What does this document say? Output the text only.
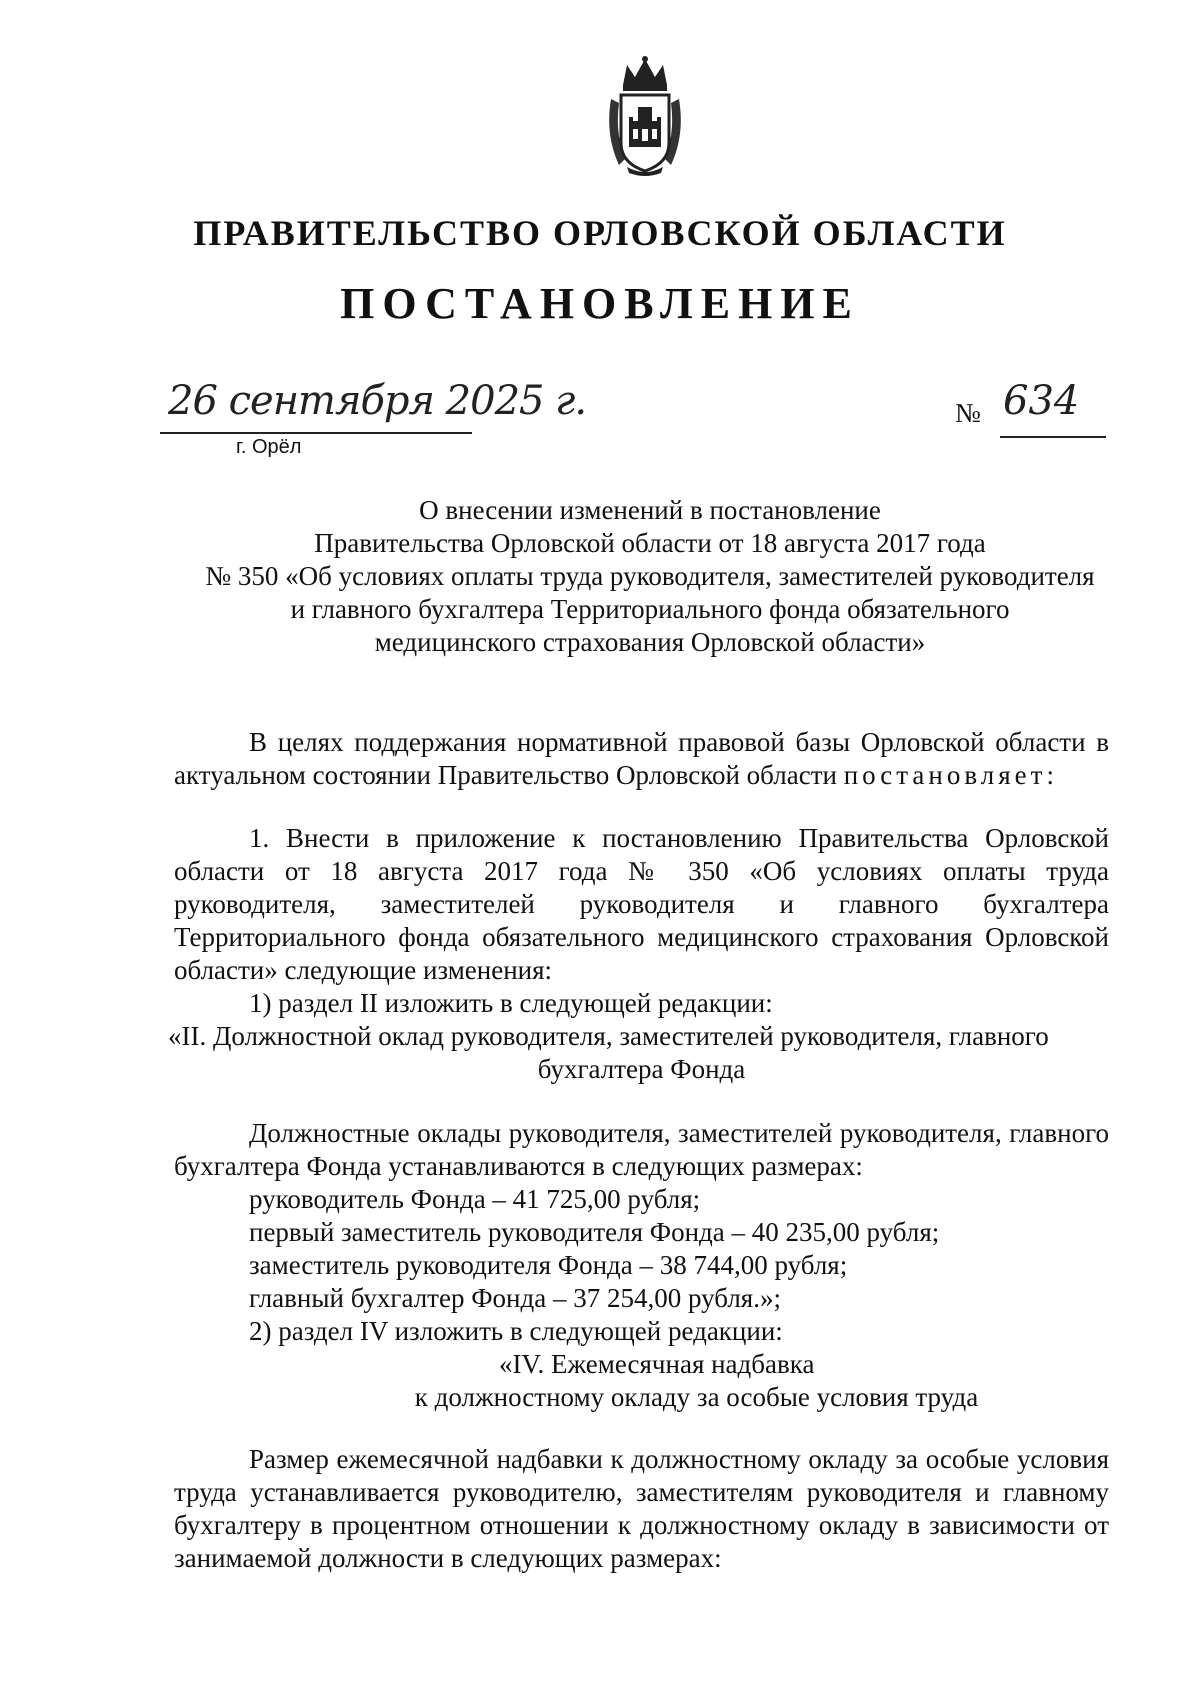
ПРАВИТЕЛЬСТВО ОРЛОВСКОЙ ОБЛАСТИ
ПОСТАНОВЛЕНИЕ
26 сентября 2025 г.
г. Орёл
№ 634
О внесении изменений в постановление
Правительства Орловской области от 18 августа 2017 года
№ 350 «Об условиях оплаты труда руководителя, заместителей руководителя
и главного бухгалтера Территориального фонда обязательного
медицинского страхования Орловской области»
В целях поддержания нормативной правовой базы Орловской области в актуальном состоянии Правительство Орловской области постановляет:
1. Внести в приложение к постановлению Правительства Орловской области от 18 августа 2017 года № 350 «Об условиях оплаты труда руководителя, заместителей руководителя и главного бухгалтера Территориального фонда обязательного медицинского страхования Орловской области» следующие изменения:
1) раздел II изложить в следующей редакции:
«II. Должностной оклад руководителя, заместителей руководителя, главного
бухгалтера Фонда
Должностные оклады руководителя, заместителей руководителя, главного бухгалтера Фонда устанавливаются в следующих размерах:
руководитель Фонда – 41 725,00 рубля;
первый заместитель руководителя Фонда – 40 235,00 рубля;
заместитель руководителя Фонда – 38 744,00 рубля;
главный бухгалтер Фонда – 37 254,00 рубля.»;
2) раздел IV изложить в следующей редакции:
«IV. Ежемесячная надбавка
к должностному окладу за особые условия труда
Размер ежемесячной надбавки к должностному окладу за особые условия труда устанавливается руководителю, заместителям руководителя и главному бухгалтеру в процентном отношении к должностному окладу в зависимости от занимаемой должности в следующих размерах:
